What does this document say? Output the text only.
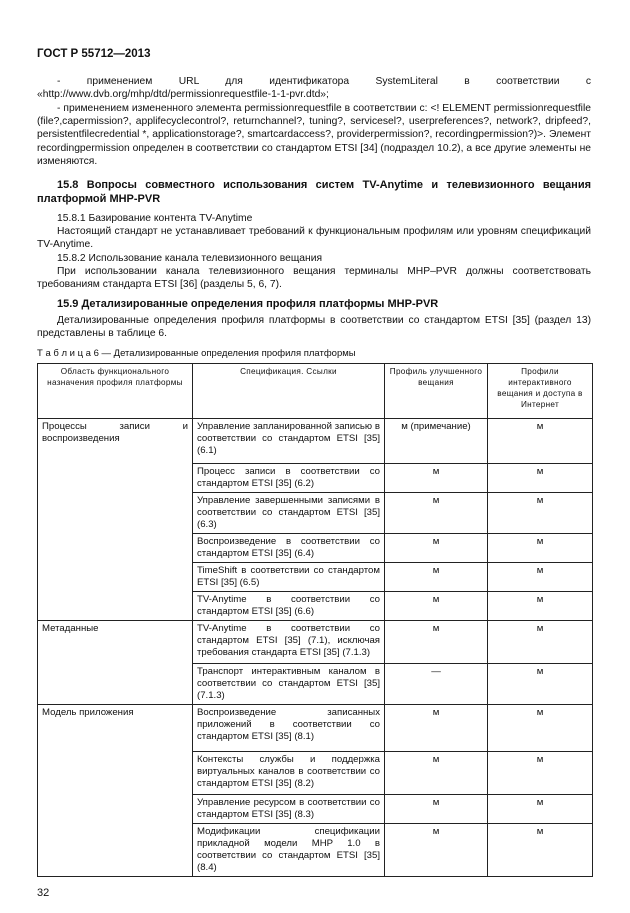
ГОСТ Р 55712—2013
- применением URL для идентификатора SystemLiteral в соответствии с «http://www.dvb.org/mhp/dtd/permissionrequestfile-1-1-pvr.dtd»;
- применением измененного элемента permissionrequestfile в соответствии с: <! ELEMENT permissionrequestfile (file?,capermission?, applifecyclecontrol?, returnchannel?, tuning?, servicesel?, userpreferences?, network?, dripfeed?, persistentfilecredential *, applicationstorage?, smartcardaccess?, providerpermission?, recordingpermission?)>. Элемент recordingpermission определен в соответствии со стандартом ETSI [34] (подраздел 10.2), а все другие элементы не изменяются.
15.8 Вопросы совместного использования систем TV-Anytime и телевизионного вещания платформой MHP-PVR
15.8.1 Базирование контента TV-Anytime
Настоящий стандарт не устанавливает требований к функциональным профилям или уровням спецификаций TV-Anytime.
15.8.2 Использование канала телевизионного вещания
При использовании канала телевизионного вещания терминалы MHP–PVR должны соответствовать требованиям стандарта ETSI [36] (разделы 5, 6, 7).
15.9 Детализированные определения профиля платформы MHP-PVR
Детализированные определения профиля платформы в соответствии со стандартом ETSI [35] (раздел 13) представлены в таблице 6.
Т а б л и ц а 6 — Детализированные определения профиля платформы
Область функционального назначения профиля платформы	Спецификация. Ссылки	Профиль улучшенного вещания	Профили интерактивного вещания и доступа в Интернет
Процессы записи и воспроизведения	Управление запланированной записью в соответствии со стандартом ETSI [35] (6.1)	м (примечание)	м
	Процесс записи в соответствии со стандартом ETSI [35] (6.2)	м	м
	Управление завершенными записями в соответствии со стандартом ETSI [35] (6.3)	м	м
	Воспроизведение в соответствии со стандартом ETSI [35] (6.4)	м	м
	TimeShift в соответствии со стандартом ETSI [35] (6.5)	м	м
	TV-Anytime в соответствии со стандартом ETSI [35] (6.6)	м	м
Метаданные	TV-Anytime в соответствии со стандартом ETSI [35] (7.1), исключая требования стандарта ETSI [35] (7.1.3)	м	м
	Транспорт интерактивным каналом в соответствии со стандартом ETSI [35] (7.1.3)	—	м
Модель приложения	Воспроизведение записанных приложений в соответствии со стандартом ETSI [35] (8.1)	м	м
	Контексты службы и поддержка виртуальных каналов в соответствии со стандартом ETSI [35] (8.2)	м	м
	Управление ресурсом в соответствии со стандартом ETSI [35] (8.3)	м	м
	Модификации спецификации прикладной модели MHP 1.0 в соответствии со стандартом ETSI [35] (8.4)	м	м
32
